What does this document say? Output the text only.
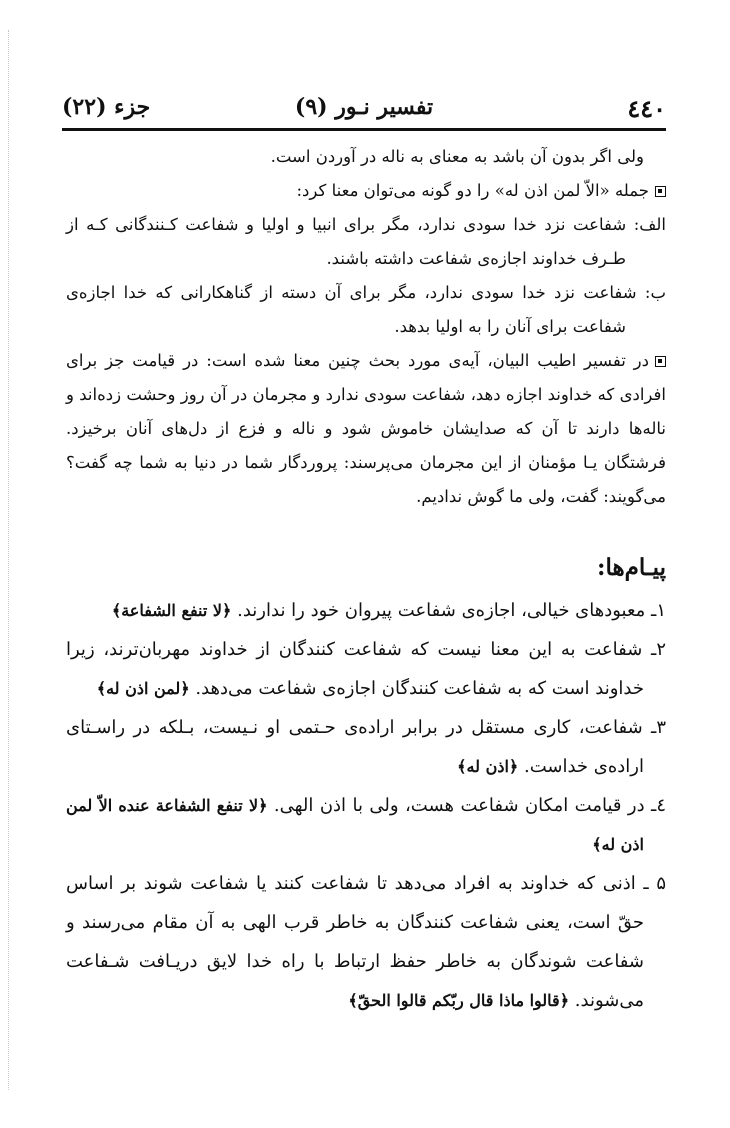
٤٤٠
تفسیر نـور (۹)
جزء (۲۲)

ولی اگر بدون آن باشد به معنای به ناله در آوردن است.

جمله «الاّ لمن اذن له» را دو گونه می‌توان معنا کرد:

الف: شفاعت نزد خدا سودی ندارد، مگر برای انبیا و اولیا و شفاعت کـنندگانی کـه از طـرف خداوند اجازه‌ی شفاعت داشته باشند.

ب: شفاعت نزد خدا سودی ندارد، مگر برای آن دسته از گناهکارانی که خدا اجازه‌ی شفاعت برای آنان را به اولیا بدهد.

در تفسیر اطیب البیان، آیه‌ی مورد بحث چنین معنا شده است: در قیامت جز برای افرادی که خداوند اجازه دهد، شفاعت سودی ندارد و مجرمان در آن روز وحشت زده‌اند و ناله‌ها دارند تا آن که صدایشان خاموش شود و ناله و فزع از دل‌های آنان برخیزد. فرشتگان یـا مؤمنان از این مجرمان می‌پرسند: پروردگار شما در دنیا به شما چه گفت؟ می‌گویند: گفت، ولی ما گوش ندادیم.

پیـام‌ها:

۱ـ معبودهای خیالی، اجازه‌ی شفاعت پیروان خود را ندارند. ﴿لا تنفع الشفاعة﴾

۲ـ شفاعت به این معنا نیست که شفاعت کنندگان از خداوند مهربان‌ترند، زیرا خداوند است که به شفاعت کنندگان اجازه‌ی شفاعت می‌دهد. ﴿لمن اذن له﴾

۳ـ شفاعت، کاری مستقل در برابر اراده‌ی حـتمی او نـیست، بـلکه در راسـتای اراده‌ی خداست. ﴿اذن له﴾

٤ـ در قیامت امکان شفاعت هست، ولی با اذن الهی. ﴿لا تنفع الشفاعة عنده الاّ لمن اذن له﴾

۵ ـ اذنی که خداوند به افراد می‌دهد تا شفاعت کنند یا شفاعت شوند بر اساس حقّ است، یعنی شفاعت کنندگان به خاطر قرب الهی به آن مقام می‌رسند و شفاعت شوندگان به خاطر حفظ ارتباط با راه خدا لایق دریـافت شـفاعت می‌شوند. ﴿قالوا ماذا قال ربّکم قالوا الحقّ﴾
